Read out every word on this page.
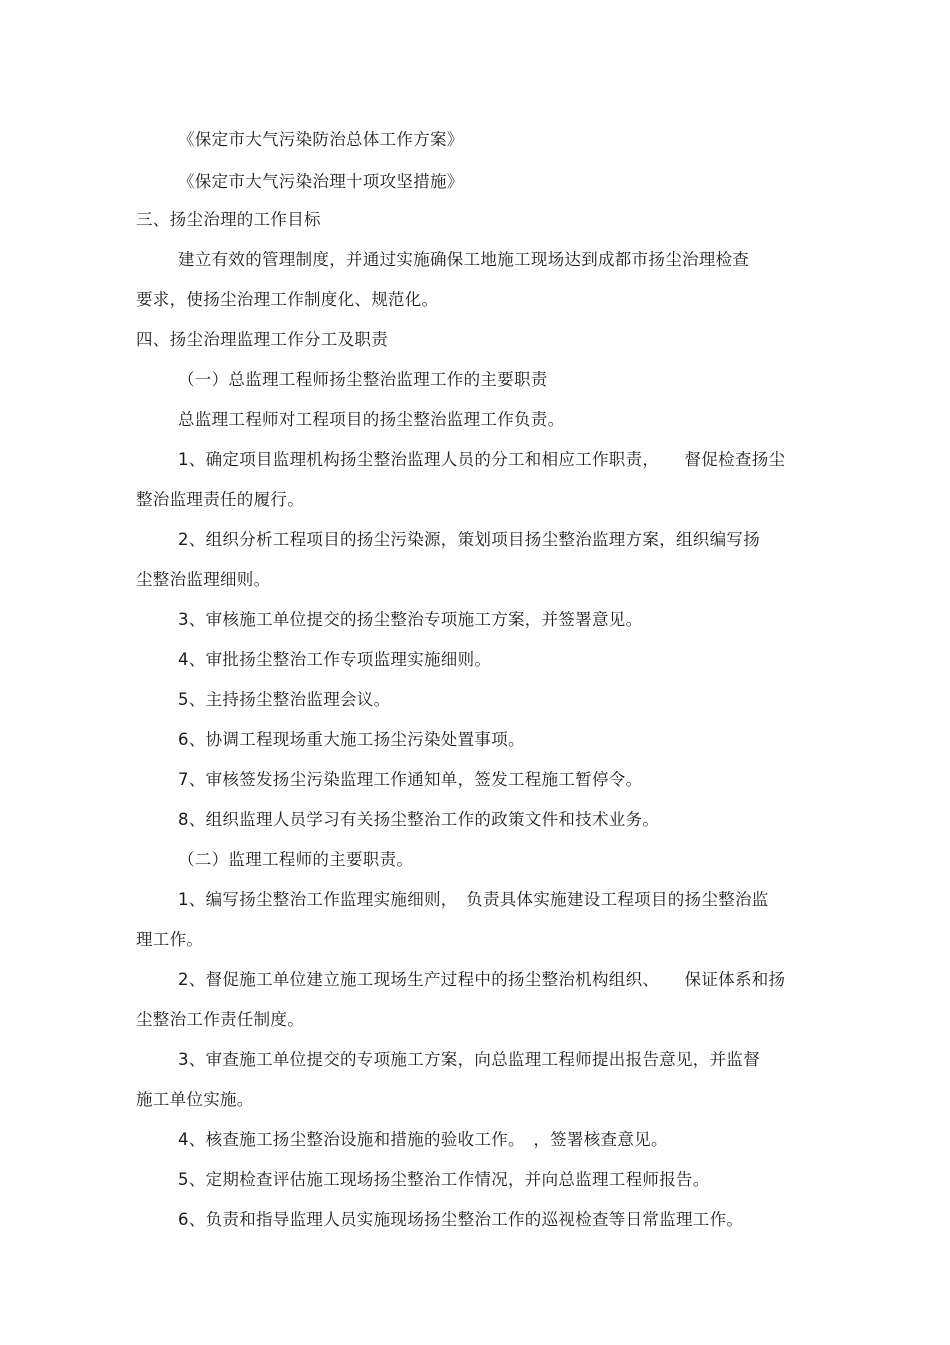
《保定市大气污染防治总体工作方案》
《保定市大气污染治理十项攻坚措施》
三、扬尘治理的工作目标
建立有效的管理制度，并通过实施确保工地施工现场达到成都市扬尘治理检查
要求，使扬尘治理工作制度化、规范化。
四、扬尘治理监理工作分工及职责
（一）总监理工程师扬尘整治监理工作的主要职责
总监理工程师对工程项目的扬尘整治监理工作负责。
1、确定项目监理机构扬尘整治监理人员的分工和相应工作职责，　　督促检查扬尘
整治监理责任的履行。
2、组织分析工程项目的扬尘污染源，策划项目扬尘整治监理方案，组织编写扬
尘整治监理细则。
3、审核施工单位提交的扬尘整治专项施工方案，并签署意见。
4、审批扬尘整治工作专项监理实施细则。
5、主持扬尘整治监理会议。
6、协调工程现场重大施工扬尘污染处置事项。
7、审核签发扬尘污染监理工作通知单，签发工程施工暂停令。
8、组织监理人员学习有关扬尘整治工作的政策文件和技术业务。
（二）监理工程师的主要职责。
1、编写扬尘整治工作监理实施细则，　负责具体实施建设工程项目的扬尘整治监
理工作。
2、督促施工单位建立施工现场生产过程中的扬尘整治机构组织、　　保证体系和扬
尘整治工作责任制度。
3、审查施工单位提交的专项施工方案，向总监理工程师提出报告意见，并监督
施工单位实施。
4、核查施工扬尘整治设施和措施的验收工作。　，签署核查意见。
5、定期检查评估施工现场扬尘整治工作情况，并向总监理工程师报告。
6、负责和指导监理人员实施现场扬尘整治工作的巡视检查等日常监理工作。
